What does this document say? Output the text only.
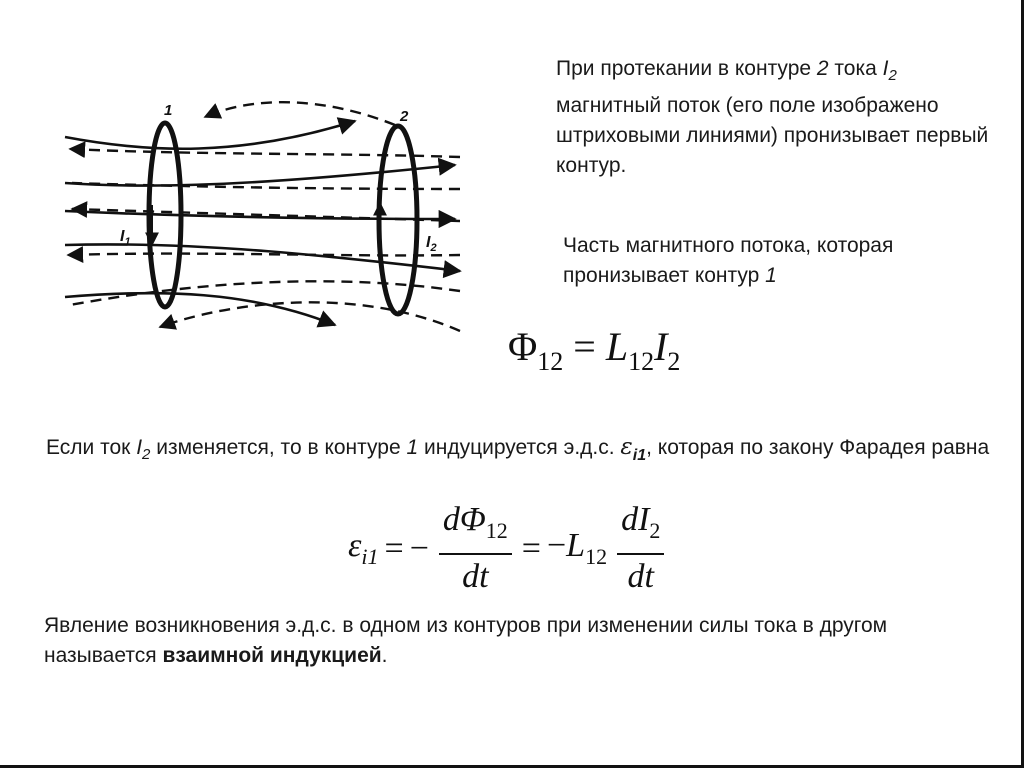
1	2
$I_1$	$I_2$
При протекании в контуре 2 тока $I_2$ магнитный поток (его поле изображено штриховыми линиями) пронизывает первый контур.
Часть магнитного потока, которая пронизывает контур 1
$\Phi_{12} = L_{12}I_2$
Если ток $I_2$ изменяется, то в контуре 1 индуцируется э.д.с. $\varepsilon_{i1}$, которая по закону Фарадея равна
$\varepsilon_{i1}$ = − $\frac{d\Phi_{12}}{dt} = -L_{12} \frac{dI_2}{dt}$
Явление возникновения э.д.с. в одном из контуров при изменении силы тока в другом называется взаимной индукцией.
